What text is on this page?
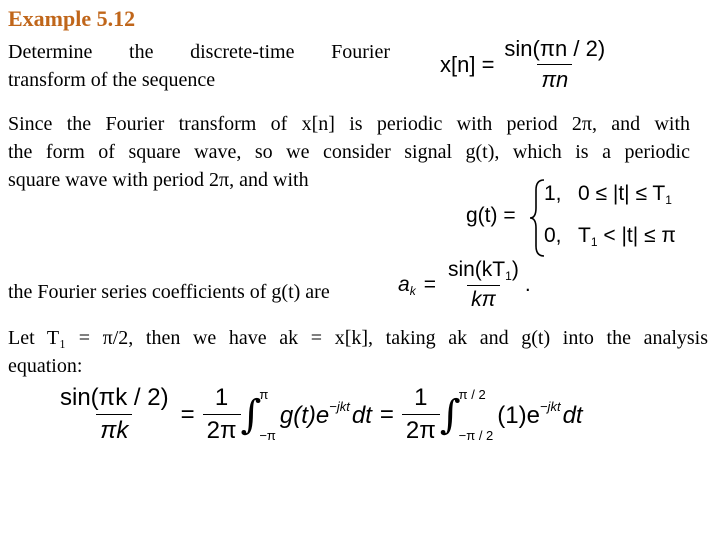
Example 5.12
Determine the discrete-time Fourier
transform of the sequence
$x[n] = \frac{\sin(\pi n / 2)}{\pi n}$
Since the Fourier transform of x[n] is periodic with period 2π, and with
the form of square wave, so we consider signal g(t), which is a periodic
square wave with period 2π, and with
g(t) =
1, $0 \le |t| \le T_1$
0, $T_1 < |t| \le \pi$
the Fourier series coefficients of g(t) are	$a_k = \frac{\sin(kT_1)}{k\pi}$ .
Let T₁ = π/2, then we have ak = x[k], taking ak and g(t) into the analysis
equation:
$\frac{\sin(\pi k / 2)}{\pi k} = \frac{1}{2\pi}$ ∫
π
−π
$g(t)e^{-jkt}dt = \frac{1}{2\pi}$ ∫
π / 2
−π / 2
$(1)e^{-jkt}dt$
